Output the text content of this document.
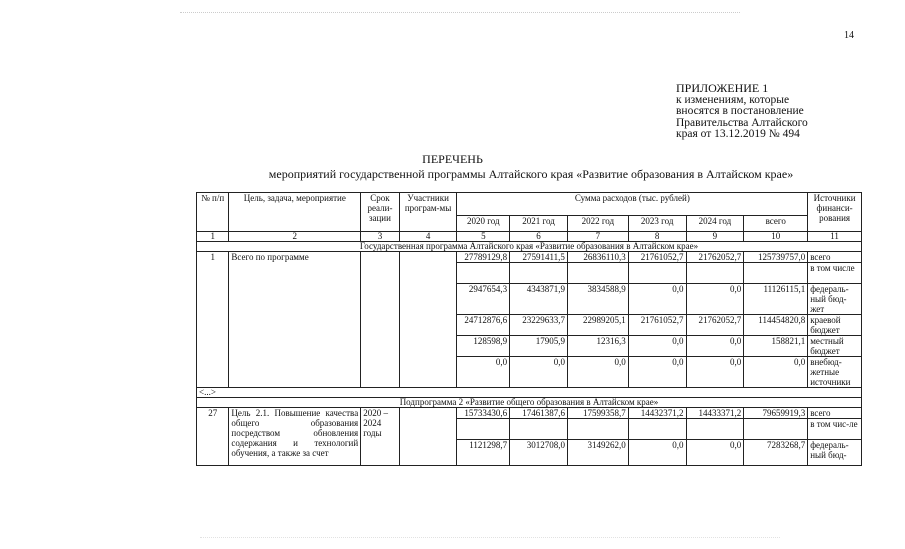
14
ПРИЛОЖЕНИЕ 1
к изменениям, которые
вносятся в постановление
Правительства Алтайского
края от 13.12.2019 № 494
ПЕРЕЧЕНЬ
мероприятий государственной программы Алтайского края «Развитие образования в Алтайском крае»
№ п/п	Цель, задача, мероприятие	Срок реали-зации	Участники програм-мы	Сумма расходов (тыс. рублей)						Источники финанси-рования
				2020 год	2021 год	2022 год	2023 год	2024 год	всего	
1	2	3	4	5	6	7	8	9	10	11
Государственная программа Алтайского края «Развитие образования в Алтайском крае»										
1	Всего по программе			27789129,8	27591411,5	26836110,3	21761052,7	21762052,7	125739757,0	всего
										в том числе
				2947654,3	4343871,9	3834588,9	0,0	0,0	11126115,1	федераль-ный бюд-жет
				24712876,6	23229633,7	22989205,1	21761052,7	21762052,7	114454820,8	краевой бюджет
				128598,9	17905,9	12316,3	0,0	0,0	158821,1	местный бюджет
				0,0	0,0	0,0	0,0	0,0	0,0	внебюд-жетные источники
<...>										
Подпрограмма 2 «Развитие общего образования в Алтайском крае»										
27	Цель 2.1. Повышение качества общего образования посредством обновления содержания и технологий обучения, а также за счет	2020 – 2024 годы		15733430,6	17461387,6	17599358,7	14432371,2	14433371,2	79659919,3	всего
										в том чис-ле
				1121298,7	3012708,0	3149262,0	0,0	0,0	7283268,7	федераль-ный бюд-
